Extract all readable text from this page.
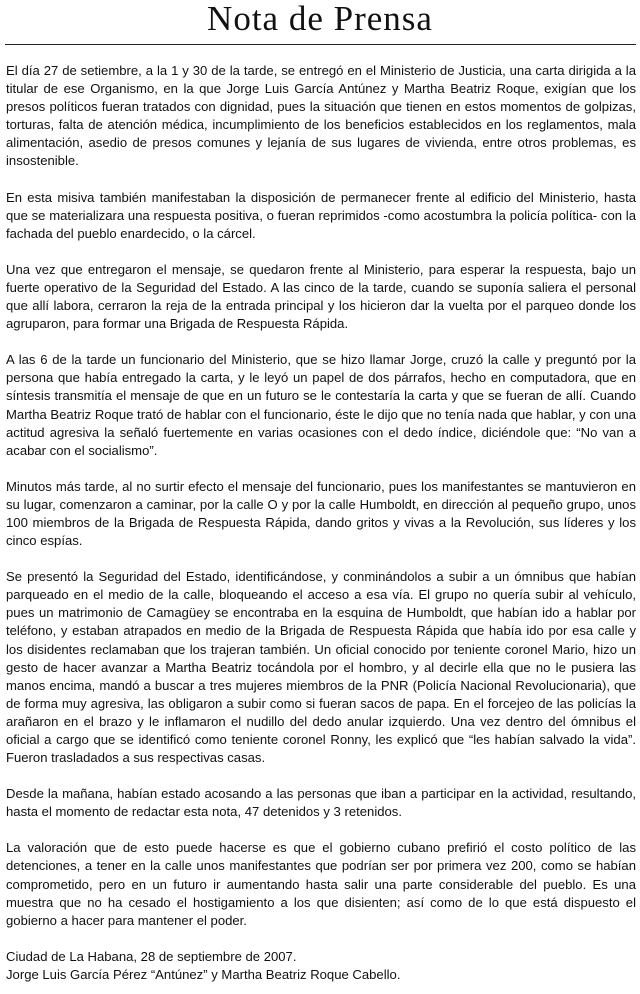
Nota de Prensa

El día 27 de setiembre, a la 1 y 30 de la tarde, se entregó en el Ministerio de Justicia, una carta dirigida a la titular de ese Organismo, en la que Jorge Luis García Antúnez y Martha Beatriz Roque, exigían que los presos políticos fueran tratados con dignidad, pues la situación que tienen en estos momentos de golpizas, torturas, falta de atención médica, incumplimiento de los beneficios establecidos en los reglamentos, mala alimentación, asedio de presos comunes y lejanía de sus lugares de vivienda, entre otros problemas, es insostenible.

En esta misiva también manifestaban la disposición de permanecer frente al edificio del Ministerio, hasta que se materializara una respuesta positiva, o fueran reprimidos -como acostumbra la policía política- con la fachada del pueblo enardecido, o la cárcel.

Una vez que entregaron el mensaje, se quedaron frente al Ministerio, para esperar la respuesta, bajo un fuerte operativo de la Seguridad del Estado. A las cinco de la tarde, cuando se suponía saliera el personal que allí labora, cerraron la reja de la entrada principal y los hicieron dar la vuelta por el parqueo donde los agruparon, para formar una Brigada de Respuesta Rápida.

A las 6 de la tarde un funcionario del Ministerio, que se hizo llamar Jorge, cruzó la calle y preguntó por la persona que había entregado la carta, y le leyó un papel de dos párrafos, hecho en computadora, que en síntesis transmitía el mensaje de que en un futuro se le contestaría la carta y que se fueran de allí. Cuando Martha Beatriz Roque trató de hablar con el funcionario, éste le dijo que no tenía nada que hablar, y con una actitud agresiva la señaló fuertemente en varias ocasiones con el dedo índice, diciéndole que: “No van a acabar con el socialismo”.

Minutos más tarde, al no surtir efecto el mensaje del funcionario, pues los manifestantes se mantuvieron en su lugar, comenzaron a caminar, por la calle O y por la calle Humboldt, en dirección al pequeño grupo, unos 100 miembros de la Brigada de Respuesta Rápida, dando gritos y vivas a la Revolución, sus líderes y los cinco espías.

Se presentó la Seguridad del Estado, identificándose, y conminándolos a subir a un ómnibus que habían parqueado en el medio de la calle, bloqueando el acceso a esa vía. El grupo no quería subir al vehículo, pues un matrimonio de Camagüey se encontraba en la esquina de Humboldt, que habían ido a hablar por teléfono, y estaban atrapados en medio de la Brigada de Respuesta Rápida que había ido por esa calle y los disidentes reclamaban que los trajeran también. Un oficial conocido por teniente coronel Mario, hizo un gesto de hacer avanzar a Martha Beatriz tocándola por el hombro, y al decirle ella que no le pusiera las manos encima, mandó a buscar a tres mujeres miembros de la PNR (Policía Nacional Revolucionaria), que de forma muy agresiva, las obligaron a subir como si fueran sacos de papa. En el forcejeo de las policías la arañaron en el brazo y le inflamaron el nudillo del dedo anular izquierdo. Una vez dentro del ómnibus el oficial a cargo que se identificó como teniente coronel Ronny, les explicó que “les habían salvado la vida”. Fueron trasladados a sus respectivas casas.

Desde la mañana, habían estado acosando a las personas que iban a participar en la actividad, resultando, hasta el momento de redactar esta nota, 47 detenidos y 3 retenidos.

La valoración que de esto puede hacerse es que el gobierno cubano prefirió el costo político de las detenciones, a tener en la calle unos manifestantes que podrían ser por primera vez 200, como se habían comprometido, pero en un futuro ir aumentando hasta salir una parte considerable del pueblo. Es una muestra que no ha cesado el hostigamiento a los que disienten; así como de lo que está dispuesto el gobierno a hacer para mantener el poder.

Ciudad de La Habana, 28 de septiembre de 2007.
Jorge Luis García Pérez “Antúnez” y Martha Beatriz Roque Cabello.
